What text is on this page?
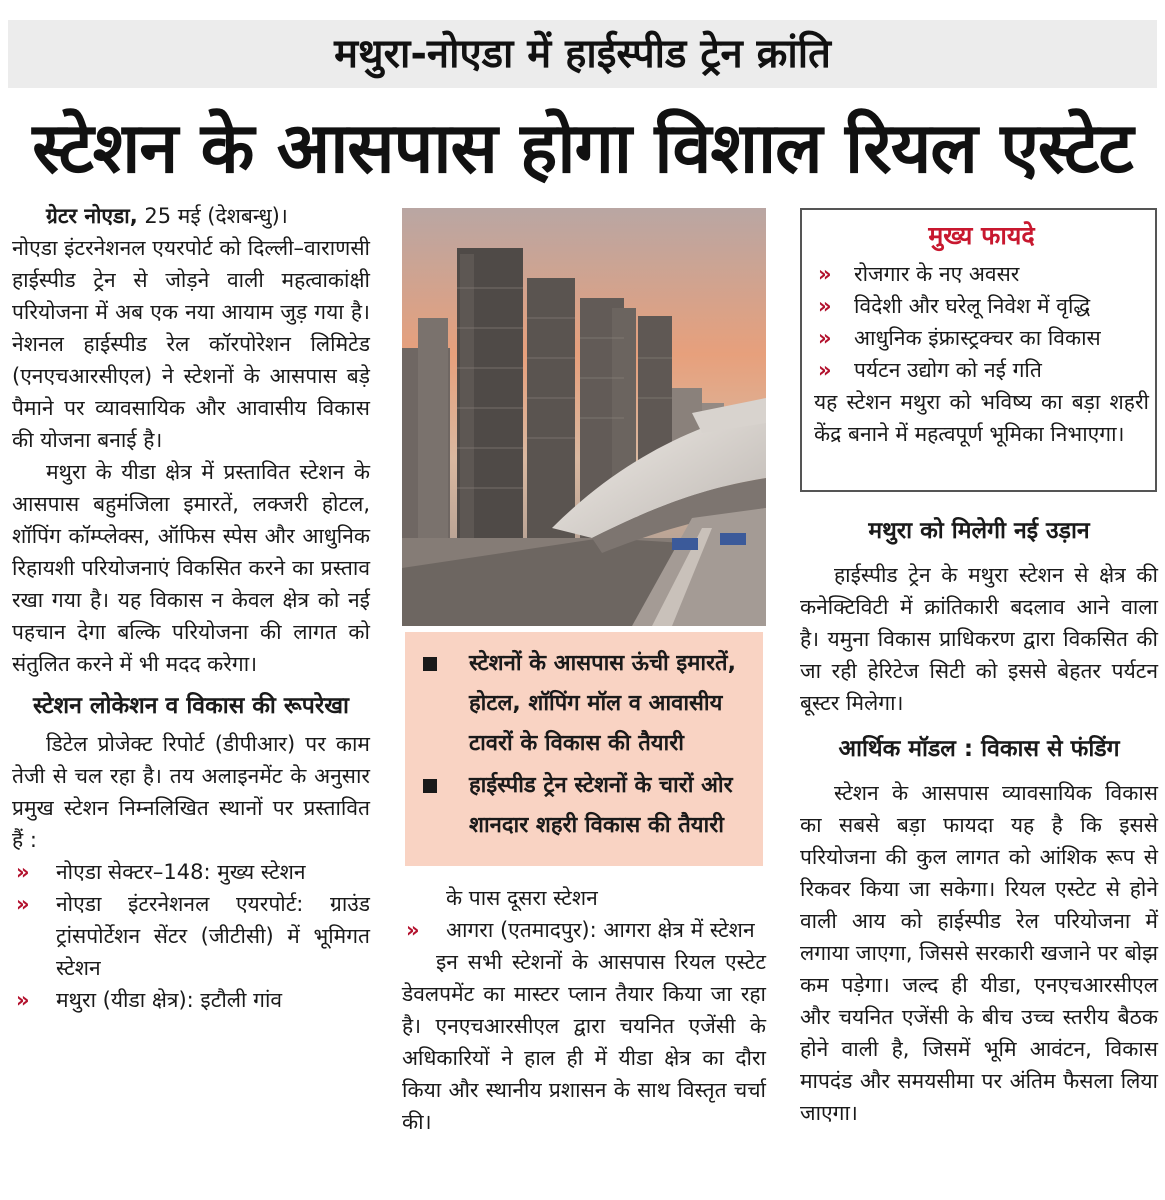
मथुरा-नोएडा में हाईस्पीड ट्रेन क्रांति
स्टेशन के आसपास होगा विशाल रियल एस्टेट

ग्रेटर नोएडा, 25 मई (देशबन्धु)।
नोएडा इंटरनेशनल एयरपोर्ट को दिल्ली–वाराणसी हाईस्पीड ट्रेन से जोड़ने वाली महत्वाकांक्षी परियोजना में अब एक नया आयाम जुड़ गया है। नेशनल हाईस्पीड रेल कॉरपोरेशन लिमिटेड (एनएचआरसीएल) ने स्टेशनों के आसपास बड़े पैमाने पर व्यावसायिक और आवासीय विकास की योजना बनाई है।

मथुरा के यीडा क्षेत्र में प्रस्तावित स्टेशन के आसपास बहुमंजिला इमारतें, लक्जरी होटल, शॉपिंग कॉम्प्लेक्स, ऑफिस स्पेस और आधुनिक रिहायशी परियोजनाएं विकसित करने का प्रस्ताव रखा गया है। यह विकास न केवल क्षेत्र को नई पहचान देगा बल्कि परियोजना की लागत को संतुलित करने में भी मदद करेगा।

स्टेशन लोकेशन व विकास की रूपरेखा

डिटेल प्रोजेक्ट रिपोर्ट (डीपीआर) पर काम तेजी से चल रहा है। तय अलाइनमेंट के अनुसार प्रमुख स्टेशन निम्नलिखित स्थानों पर प्रस्तावित हैं :

» नोएडा सेक्टर–148: मुख्य स्टेशन
» नोएडा इंटरनेशनल एयरपोर्ट: ग्राउंड ट्रांसपोर्टेशन सेंटर (जीटीसी) में भूमिगत स्टेशन
» मथुरा (यीडा क्षेत्र): इटौली गांव
स्टेशनों के आसपास ऊंची इमारतें, होटल, शॉपिंग मॉल व आवासीय टावरों के विकास की तैयारी
हाईस्पीड ट्रेन स्टेशनों के चारों ओर शानदार शहरी विकास की तैयारी

के पास दूसरा स्टेशन

» आगरा (एतमादपुर): आगरा क्षेत्र में स्टेशन

इन सभी स्टेशनों के आसपास रियल एस्टेट डेवलपमेंट का मास्टर प्लान तैयार किया जा रहा है। एनएचआरसीएल द्वारा चयनित एजेंसी के अधिकारियों ने हाल ही में यीडा क्षेत्र का दौरा किया और स्थानीय प्रशासन के साथ विस्तृत चर्चा की।

मुख्य फायदे
» रोजगार के नए अवसर
» विदेशी और घरेलू निवेश में वृद्धि
» आधुनिक इंफ्रास्ट्रक्चर का विकास
» पर्यटन उद्योग को नई गति

यह स्टेशन मथुरा को भविष्य का बड़ा शहरी केंद्र बनाने में महत्वपूर्ण भूमिका निभाएगा।

मथुरा को मिलेगी नई उड़ान

हाईस्पीड ट्रेन के मथुरा स्टेशन से क्षेत्र की कनेक्टिविटी में क्रांतिकारी बदलाव आने वाला है। यमुना विकास प्राधिकरण द्वारा विकसित की जा रही हेरिटेज सिटी को इससे बेहतर पर्यटन बूस्टर मिलेगा।

आर्थिक मॉडल : विकास से फंडिंग

स्टेशन के आसपास व्यावसायिक विकास का सबसे बड़ा फायदा यह है कि इससे परियोजना की कुल लागत को आंशिक रूप से रिकवर किया जा सकेगा। रियल एस्टेट से होने वाली आय को हाईस्पीड रेल परियोजना में लगाया जाएगा, जिससे सरकारी खजाने पर बोझ कम पड़ेगा। जल्द ही यीडा, एनएचआरसीएल और चयनित एजेंसी के बीच उच्च स्तरीय बैठक होने वाली है, जिसमें भूमि आवंटन, विकास मापदंड और समयसीमा पर अंतिम फैसला लिया जाएगा।
